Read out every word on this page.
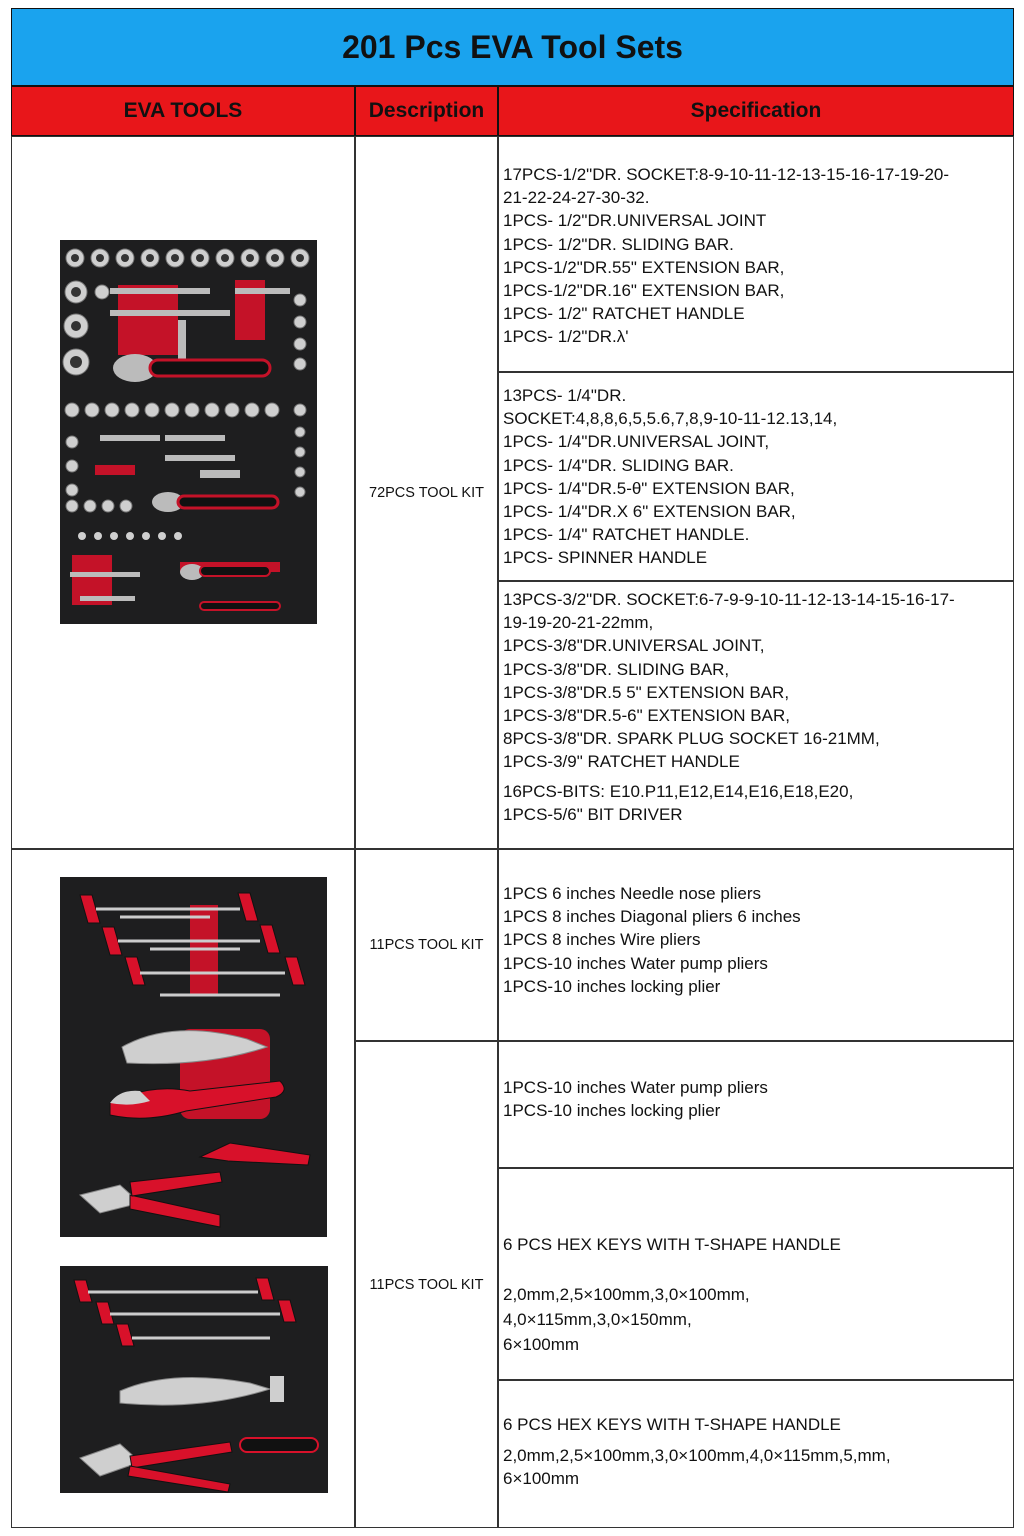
201 Pcs EVA Tool Sets
EVA TOOLS	Description	Specification
72PCS TOOL KIT
11PCS TOOL KIT
11PCS TOOL KIT
17PCS-1/2"DR. SOCKET:8-9-10-11-12-13-15-16-17-19-20-
21-22-24-27-30-32.
1PCS- 1/2"DR.UNIVERSAL JOINT
1PCS- 1/2"DR. SLIDING BAR.
1PCS-1/2"DR.55" EXTENSION BAR,
1PCS-1/2"DR.16" EXTENSION BAR,
1PCS- 1/2" RATCHET HANDLE
1PCS- 1/2"DR.λ'
13PCS- 1/4"DR.
SOCKET:4,8,8,6,5,5.6,7,8,9-10-11-12.13,14,
1PCS- 1/4"DR.UNIVERSAL JOINT,
1PCS- 1/4"DR. SLIDING BAR.
1PCS- 1/4"DR.5-θ" EXTENSION BAR,
1PCS- 1/4"DR.X 6" EXTENSION BAR,
1PCS- 1/4" RATCHET HANDLE.
1PCS- SPINNER HANDLE
13PCS-3/2"DR. SOCKET:6-7-9-9-10-11-12-13-14-15-16-17-
19-19-20-21-22mm,
1PCS-3/8"DR.UNIVERSAL JOINT,
1PCS-3/8"DR. SLIDING BAR,
1PCS-3/8"DR.5 5" EXTENSION BAR,
1PCS-3/8"DR.5-6" EXTENSION BAR,
8PCS-3/8"DR. SPARK PLUG SOCKET 16-21MM,
1PCS-3/9" RATCHET HANDLE
16PCS-BITS: E10.P11,E12,E14,E16,E18,E20,
1PCS-5/6" BIT DRIVER
1PCS 6 inches Needle nose pliers
1PCS 8 inches Diagonal pliers 6 inches
1PCS 8 inches Wire pliers
1PCS-10 inches Water pump pliers
1PCS-10 inches locking plier
1PCS-10 inches Water pump pliers
1PCS-10 inches locking plier
6 PCS HEX KEYS WITH T-SHAPE HANDLE
2,0mm,2,5×100mm,3,0×100mm,
4,0×115mm,3,0×150mm,
6×100mm
6 PCS HEX KEYS WITH T-SHAPE HANDLE
2,0mm,2,5×100mm,3,0×100mm,4,0×115mm,5,mm,
6×100mm
